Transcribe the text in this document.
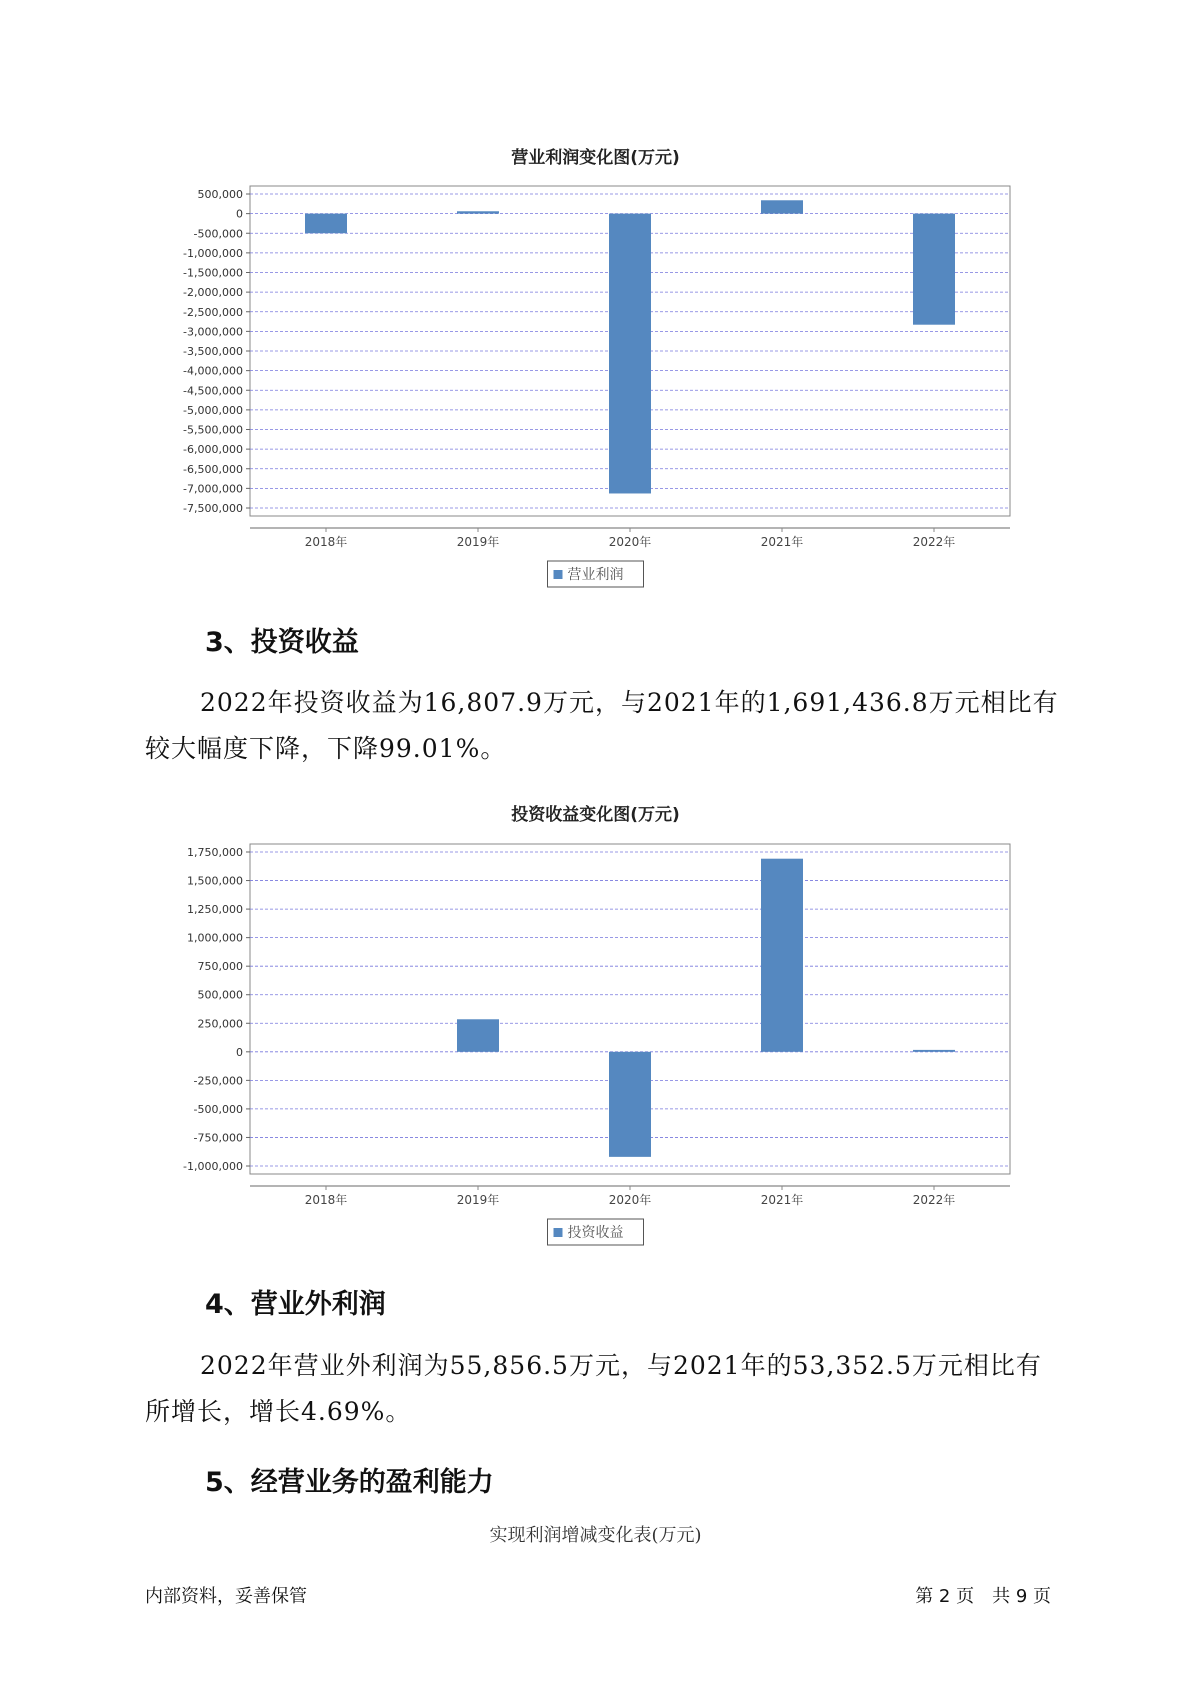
营业利润变化图(万元)
500,000
0
-500,000
-1,000,000
-1,500,000
-2,000,000
-2,500,000
-3,000,000
-3,500,000
-4,000,000
-4,500,000
-5,000,000
-5,500,000
-6,000,000
-6,500,000
-7,000,000
-7,500,000
2018年	2019年	2020年	2021年	2022年
营业利润
3、投资收益
2022年投资收益为16,807.9万元，与2021年的1,691,436.8万元相比有较大幅度下降，下降99.01%。
投资收益变化图(万元)
1,750,000
1,500,000
1,250,000
1,000,000
750,000
500,000
250,000
0
-250,000
-500,000
-750,000
-1,000,000
2018年	2019年	2020年	2021年	2022年
投资收益
4、营业外利润
2022年营业外利润为55,856.5万元，与2021年的53,352.5万元相比有所增长，增长4.69%。
5、经营业务的盈利能力
实现利润增减变化表(万元)
内部资料，妥善保管	第 2 页　共 9 页
